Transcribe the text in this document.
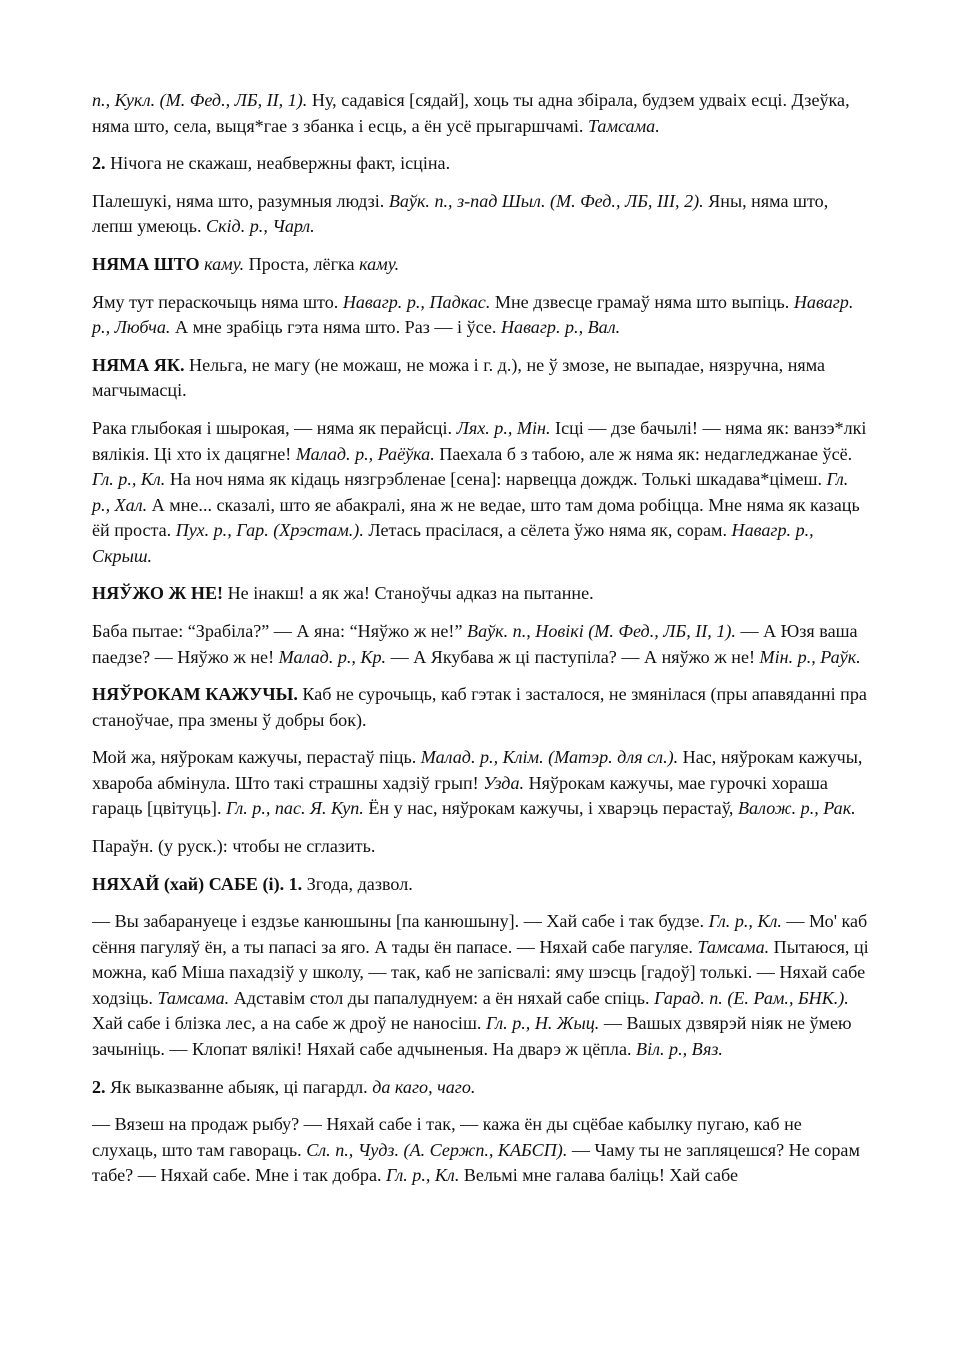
п., Кукл. (М. Фед., ЛБ, ІІ, 1). Ну, садавіся [сядай], хоць ты адна збірала, будзем удваіх есці. Дзеўка, няма што, села, выця*гае з збанка і есць, а ён усё прыгаршчамі. Тамсама.

2. Нічога не скажаш, неабвержны факт, ісціна.

Палешукі, няма што, разумныя людзі. Ваўк. п., з-пад Шыл. (М. Фед., ЛБ, ІІІ, 2). Яны, няма што, лепш умеюць. Скід. р., Чарл.

НЯМА ШТО каму. Проста, лёгка каму.

Яму тут пераскочыць няма што. Навагр. р., Падкас. Мне дзвесце грамаў няма што выпіць. Навагр. р., Любча. А мне зрабіць гэта няма што. Раз — і ўсе. Навагр. р., Вал.

НЯМА ЯК. Нельга, не магу (не можаш, не можа і г. д.), не ў змозе, не выпадае, нязручна, няма магчымасці.

Рака глыбокая і шырокая, — няма як перайсці. Лях. р., Мін. Ісці — дзе бачылі! — няма як: ванзэ*лкі вялікія. Ці хто іх дацягне! Малад. р., Раёўка. Паехала б з табою, але ж няма як: недагледжанае ўсё. Гл. р., Кл. На ноч няма як кідаць нязгрэбленае [сена]: нарвецца дождж. Толькі шкадава*цімеш. Гл. р., Хал. А мне... сказалі, што яе абакралі, яна ж не ведае, што там дома робіцца. Мне няма як казаць ёй проста. Пух. р., Гар. (Хрэстам.). Летась прасілася, а сёлета ўжо няма як, сорам. Навагр. р., Скрыш.

НЯЎЖО Ж НЕ! Не інакш! а як жа! Станоўчы адказ на пытанне.

Баба пытае: “Зрабіла?” — А яна: “Няўжо ж не!” Ваўк. п., Новікі (М. Фед., ЛБ, ІІ, 1). — А Юзя ваша паедзе? — Няўжо ж не! Малад. р., Кр. — А Якубава ж ці паступіла? — А няўжо ж не! Мін. р., Раўк.

НЯЎРОКАМ КАЖУЧЫ. Каб не сурочыць, каб гэтак і засталося, не змянілася (пры апавяданні пра станоўчае, пра змены ў добры бок).

Мой жа, няўрокам кажучы, перастаў піць. Малад. р., Клім. (Матэр. для сл.). Нас, няўрокам кажучы, хвароба абмінула. Што такі страшны хадзіў грып! Узда. Няўрокам кажучы, мае гурочкі хораша гараць [цвітуць]. Гл. р., пас. Я. Куп. Ён у нас, няўрокам кажучы, і хварэць перастаў, Валож. р., Рак.

Параўн. (у руск.): чтобы не сглазить.

НЯХАЙ (хай) САБЕ (і). 1. Згода, дазвол.

— Вы забарануеце і ездзье канюшыны [па канюшыну]. — Хай сабе і так будзе. Гл. р., Кл. — Мо' каб сёння пагуляў ён, а ты папасі за яго. А тады ён папасе. — Няхай сабе пагуляе. Тамсама. Пытаюся, ці можна, каб Міша пахадзіў у школу, — так, каб не запісвалі: яму шэсць [гадоў] толькі. — Няхай сабе ходзіць. Тамсама. Адставім стол ды папалуднуем: а ён няхай сабе спіць. Гарад. п. (Е. Рам., БНК.). Хай сабе і блізка лес, а на сабе ж дроў не наносіш. Гл. р., Н. Жыц. — Вашых дзвярэй ніяк не ўмею зачыніць. — Клопат вялікі! Няхай сабе адчыненыя. На дварэ ж цёпла. Віл. р., Вяз.

2. Як выказванне абыяк, ці пагардл. да каго, чаго.

— Вязеш на продаж рыбу? — Няхай сабе і так, — кажа ён ды сцёбае кабылку пугаю, каб не слухаць, што там гавораць. Сл. п., Чудз. (А. Сержп., КАБСП). — Чаму ты не запляцешся? Не сорам табе? — Няхай сабе. Мне і так добра. Гл. р., Кл. Вельмі мне галава баліць! Хай сабе
